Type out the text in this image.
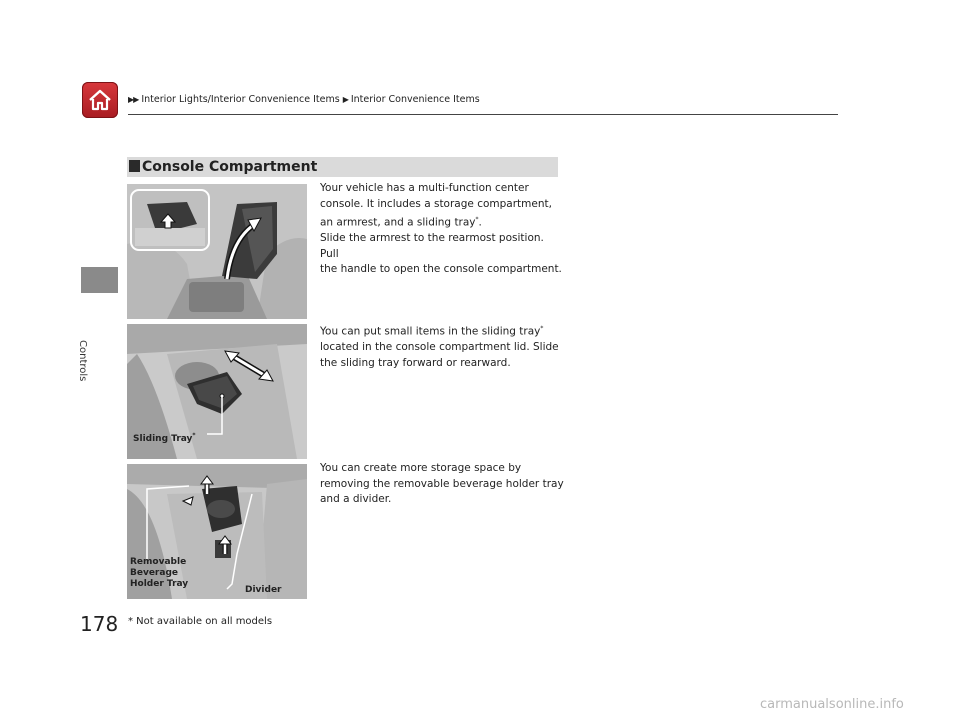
▶▶ Interior Lights/Interior Convenience Items ▶ Interior Convenience Items
Controls
Console Compartment
Your vehicle has a multi-function center
console. It includes a storage compartment,
an armrest, and a sliding tray*.
Slide the armrest to the rearmost position. Pull
the handle to open the console compartment.
Sliding Tray*
You can put small items in the sliding tray*
located in the console compartment lid. Slide
the sliding tray forward or rearward.
Removable
Beverage
Holder Tray
Divider
You can create more storage space by
removing the removable beverage holder tray
and a divider.
178 * Not available on all models
carmanualsonline.info
